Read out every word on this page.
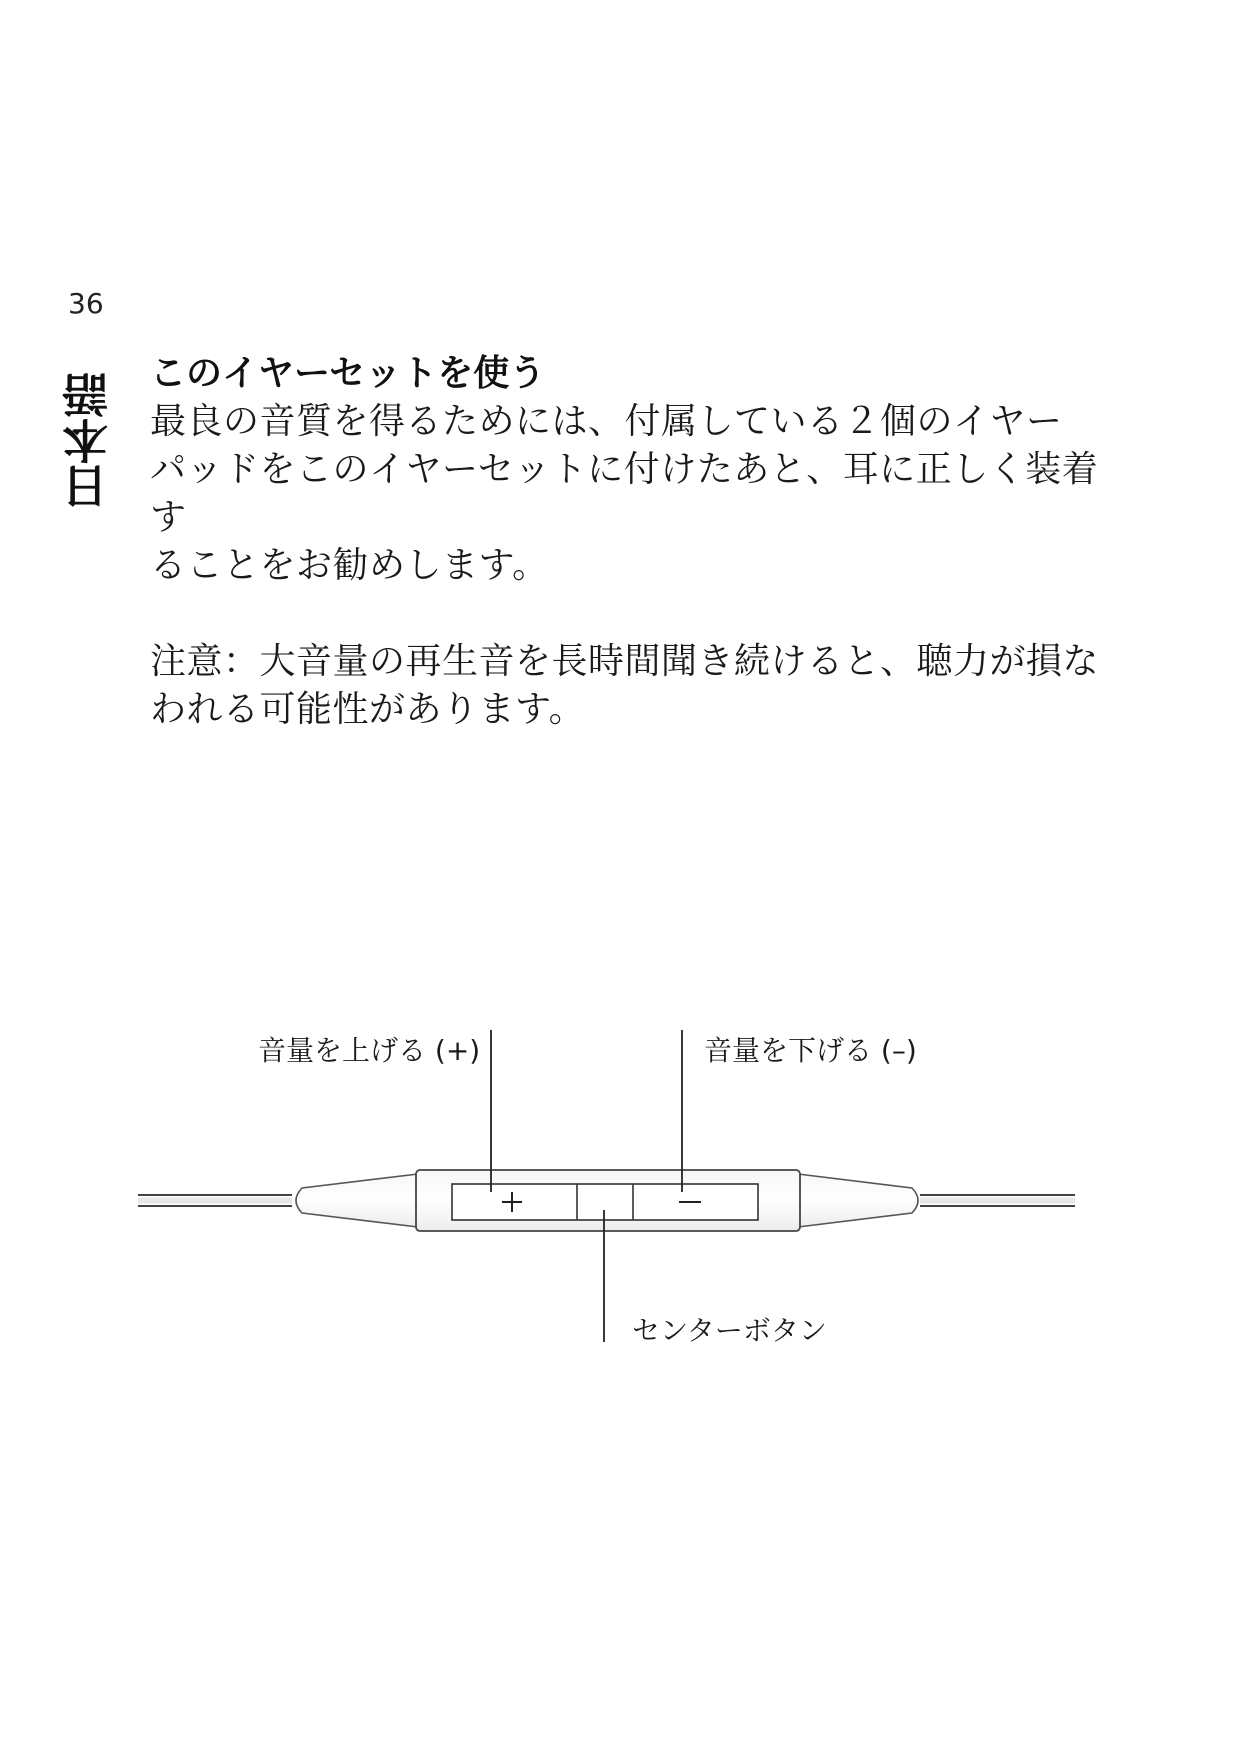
36
日本語 このイヤーセットを使う

最良の音質を得るためには、付属している２個のイヤー
パッドをこのイヤーセットに付けたあと、耳に正しく装着す
ることをお勧めします。

注意：大音量の再生音を長時間聞き続けると、聴力が損な
われる可能性があります。

音量を上げる (+)	音量を下げる (–)
センターボタン
